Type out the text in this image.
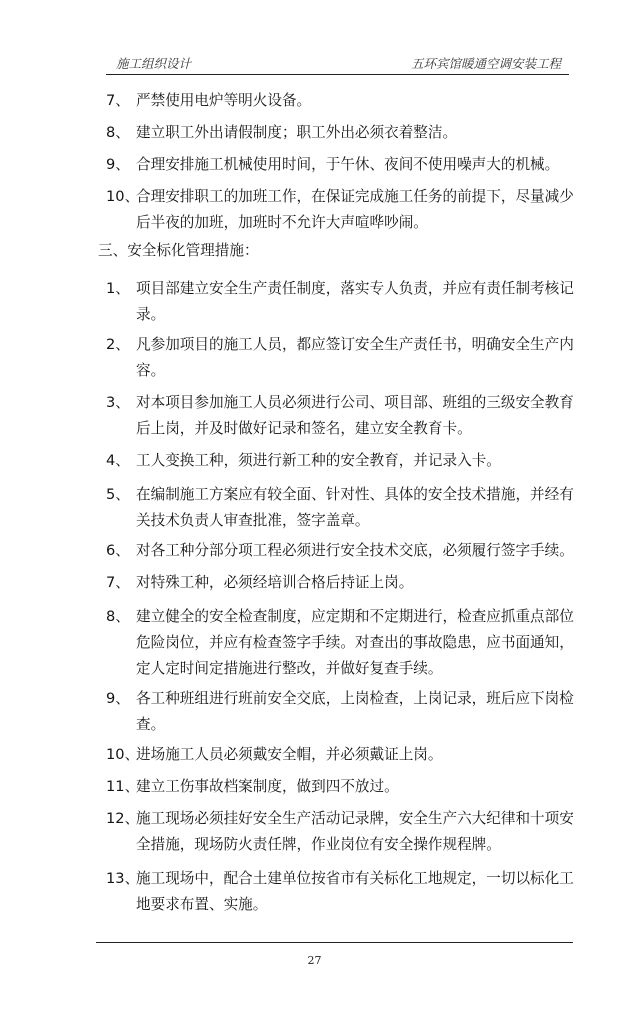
施工组织设计	五环宾馆暖通空调安装工程
7、 严禁使用电炉等明火设备。
8、 建立职工外出请假制度；职工外出必须衣着整洁。
9、 合理安排施工机械使用时间，于午休、夜间不使用噪声大的机械。
10、
合理安排职工的加班工作，在保证完成施工任务的前提下，尽量减少
后半夜的加班，加班时不允许大声喧哗吵闹。
三、安全标化管理措施：
1、 项目部建立安全生产责任制度，落实专人负责，并应有责任制考核记
录。
2、 凡参加项目的施工人员，都应签订安全生产责任书，明确安全生产内
容。
3、 对本项目参加施工人员必须进行公司、项目部、班组的三级安全教育
后上岗，并及时做好记录和签名，建立安全教育卡。
4、 工人变换工种，须进行新工种的安全教育，并记录入卡。
5、 在编制施工方案应有较全面、针对性、具体的安全技术措施，并经有
关技术负责人审查批准，签字盖章。
6、 对各工种分部分项工程必须进行安全技术交底，必须履行签字手续。
7、 对特殊工种，必须经培训合格后持证上岗。
8、 建立健全的安全检查制度，应定期和不定期进行，检查应抓重点部位
危险岗位，并应有检查签字手续。对查出的事故隐患，应书面通知，
定人定时间定措施进行整改，并做好复查手续。
9、 各工种班组进行班前安全交底，上岗检查，上岗记录，班后应下岗检
查。
10、
进场施工人员必须戴安全帽，并必须戴证上岗。
11、
建立工伤事故档案制度，做到四不放过。
12、
施工现场必须挂好安全生产活动记录牌，安全生产六大纪律和十项安
全措施，现场防火责任牌，作业岗位有安全操作规程牌。
13、
施工现场中，配合土建单位按省市有关标化工地规定，一切以标化工
地要求布置、实施。
27
